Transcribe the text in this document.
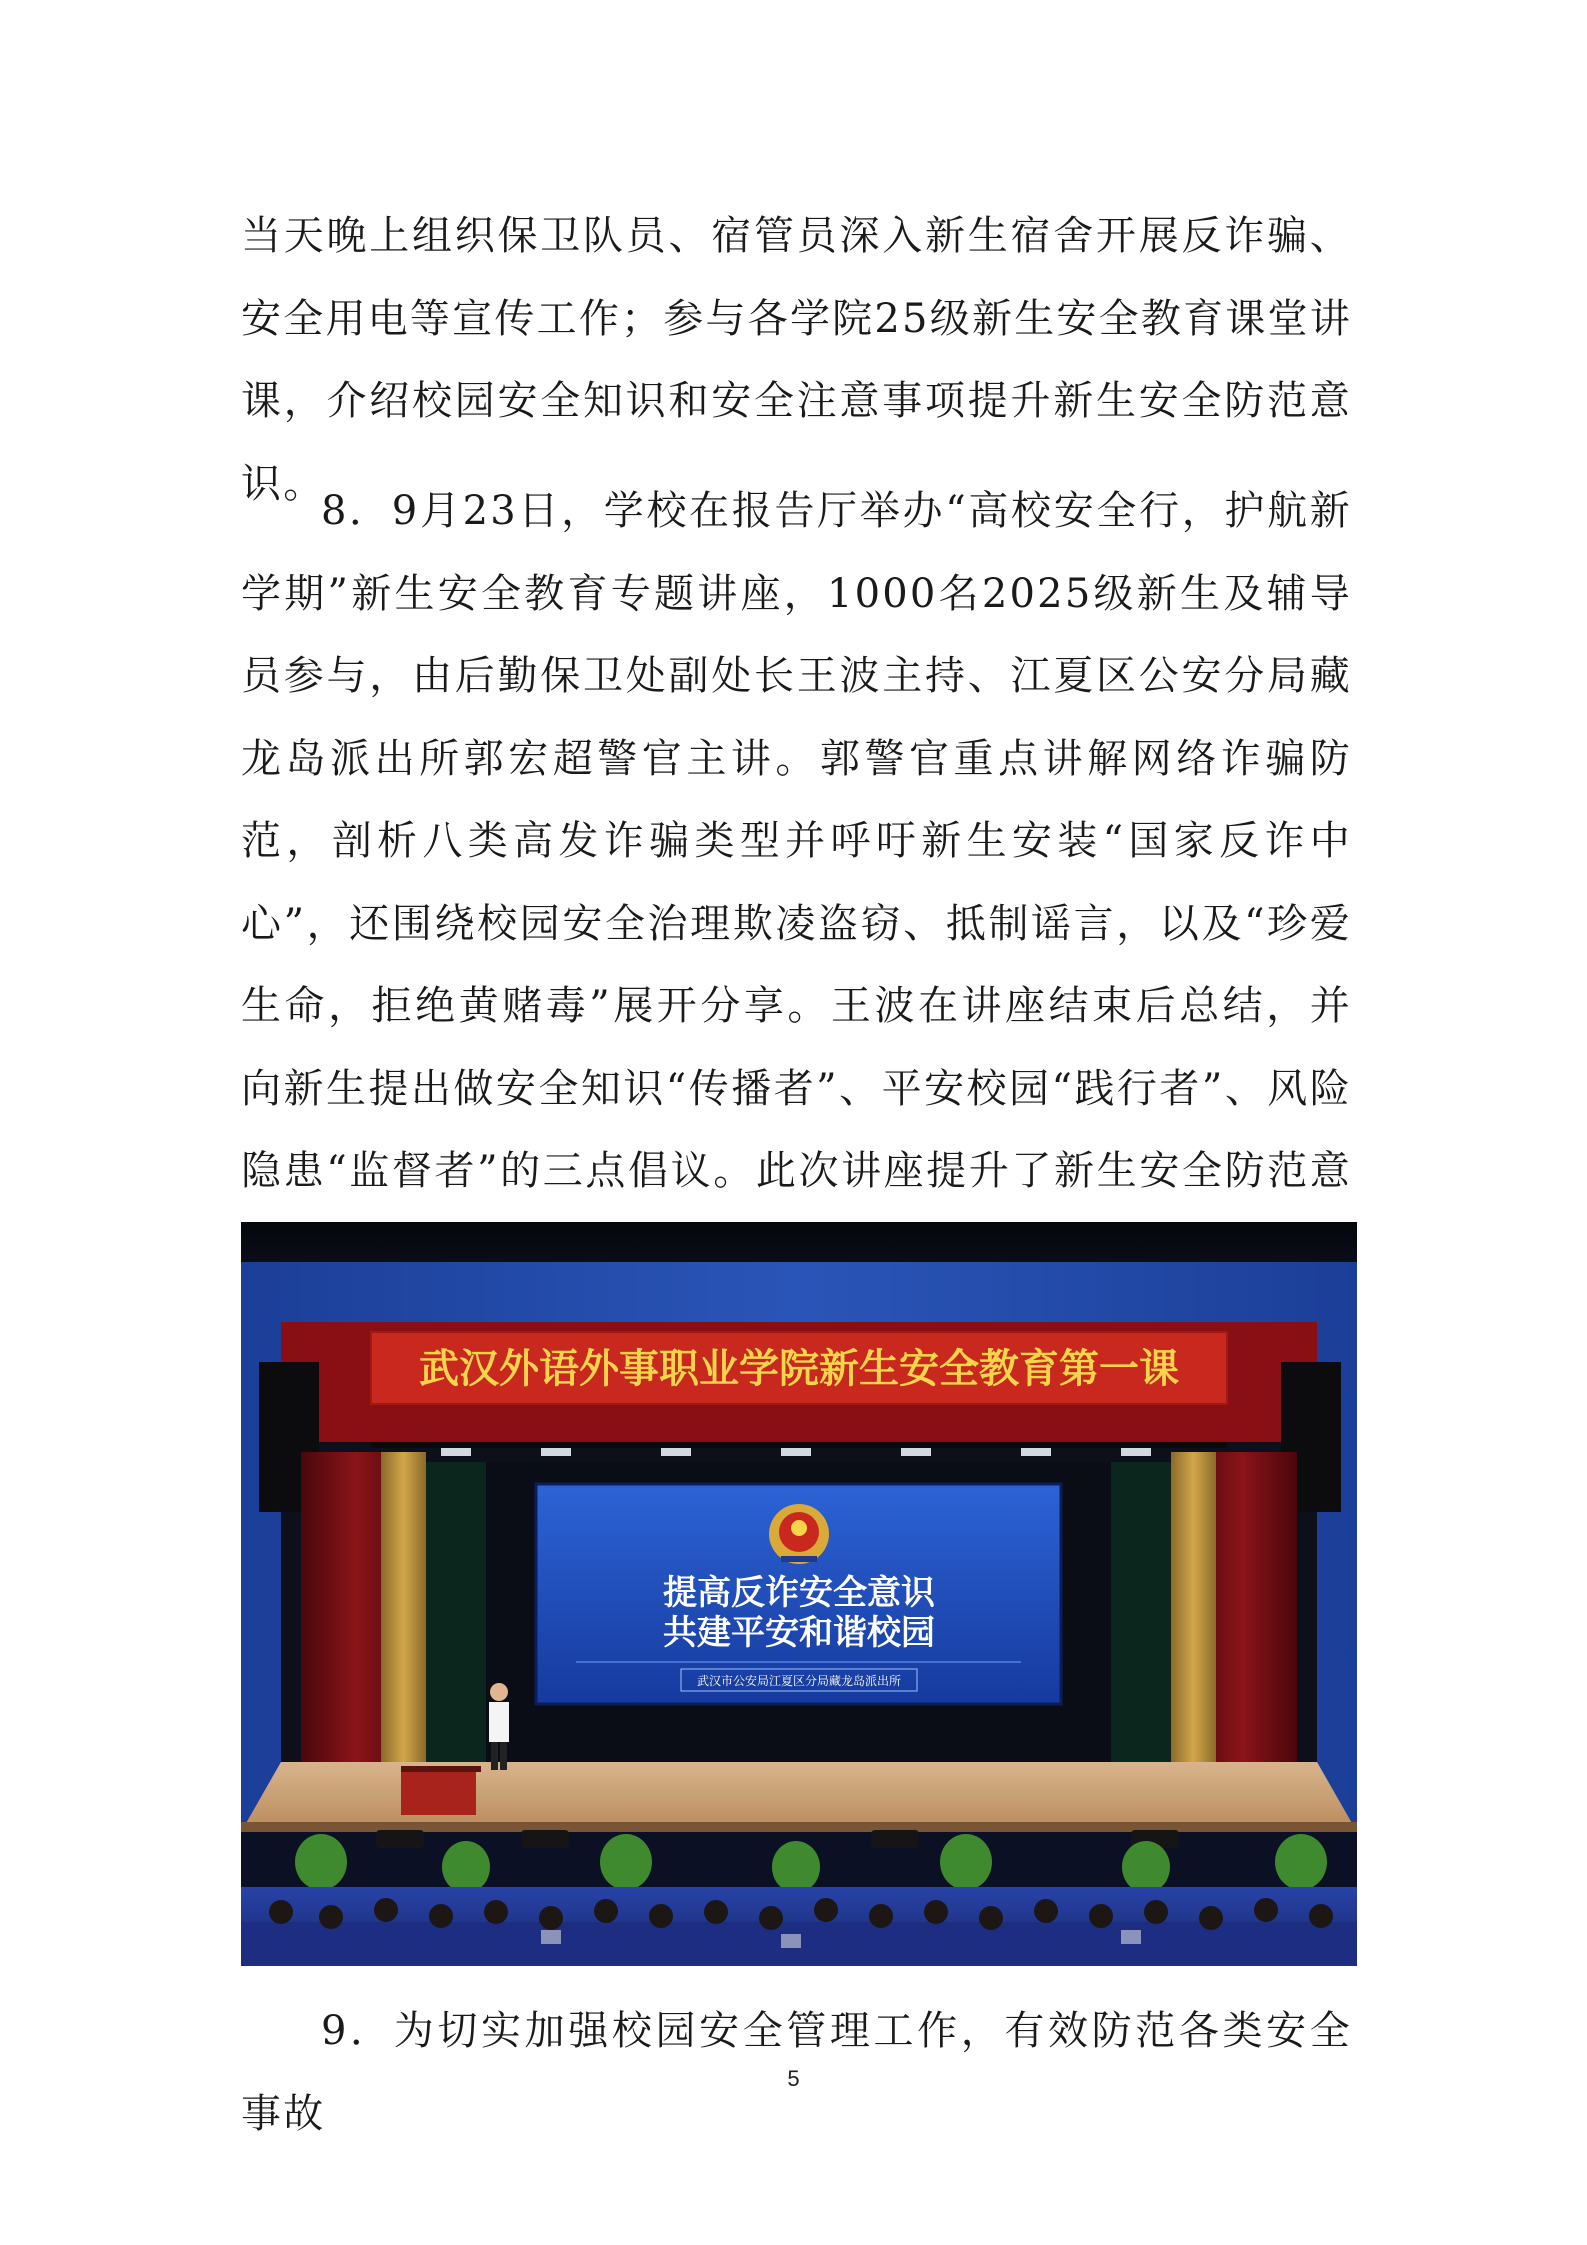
当天晚上组织保卫队员、宿管员深入新生宿舍开展反诈骗、安全用电等宣传工作；参与各学院25级新生安全教育课堂讲课，介绍校园安全知识和安全注意事项提升新生安全防范意识。

8．9月23日，学校在报告厅举办“高校安全行，护航新学期”新生安全教育专题讲座，1000名2025级新生及辅导员参与，由后勤保卫处副处长王波主持、江夏区公安分局藏龙岛派出所郭宏超警官主讲。郭警官重点讲解网络诈骗防范，剖析八类高发诈骗类型并呼吁新生安装“国家反诈中心”，还围绕校园安全治理欺凌盗窃、抵制谣言，以及“珍爱生命，拒绝黄赌毒”展开分享。王波在讲座结束后总结，并向新生提出做安全知识“传播者”、平安校园“践行者”、风险隐患“监督者”的三点倡议。此次讲座提升了新生安全防范意

武汉外语外事职业学院新生安全教育第一课
提高反诈安全意识
共建平安和谐校园
武汉市公安局江夏区分局藏龙岛派出所

9．为切实加强校园安全管理工作，有效防范各类安全事故

5
